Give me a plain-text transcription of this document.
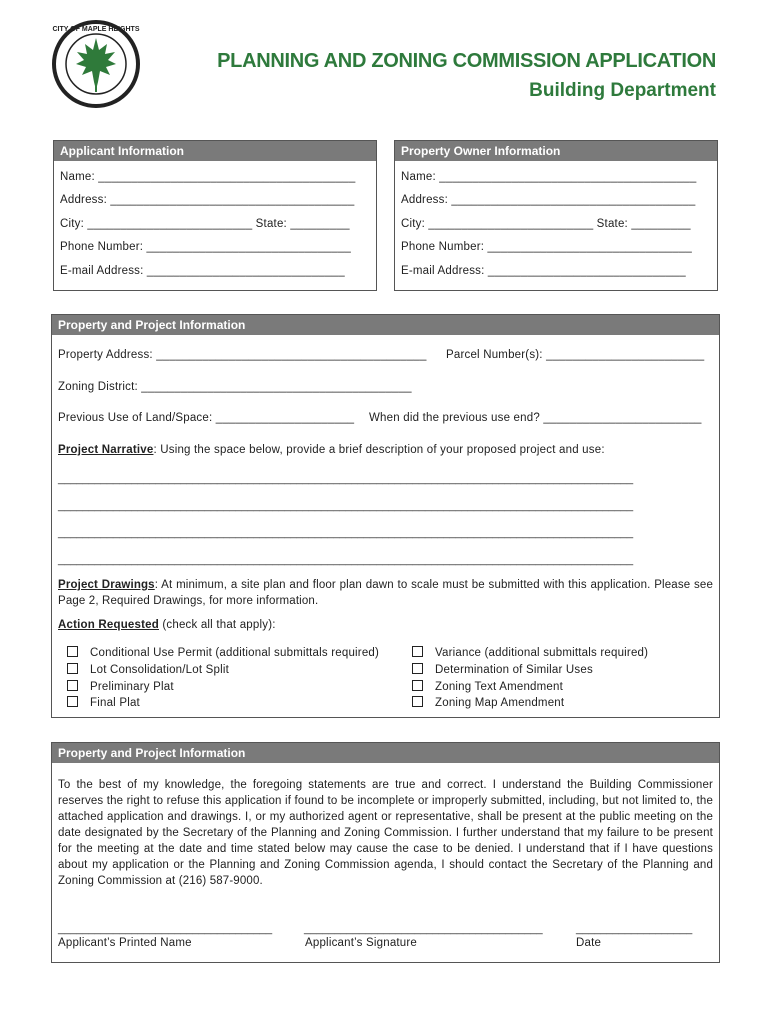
CITY OF MAPLE HEIGHTS
PLANNING AND ZONING COMMISSION APPLICATION
Building Department
Applicant Information
Name: _______________________________________
Address: _____________________________________
City: _________________________ State: _________
Phone Number: _______________________________
E-mail Address: ______________________________
Property Owner Information
Name: _______________________________________
Address: _____________________________________
City: _________________________ State: _________
Phone Number: _______________________________
E-mail Address: ______________________________
Property and Project Information
Property Address: _________________________________________ Parcel Number(s): ________________________
Zoning District: _________________________________________
Previous Use of Land/Space: _____________________ When did the previous use end? ________________________
Project Narrative: Using the space below, provide a brief description of your proposed project and use:
______________________________________________________________________________________________
______________________________________________________________________________________________
______________________________________________________________________________________________
______________________________________________________________________________________________
Project Drawings: At minimum, a site plan and floor plan dawn to scale must be submitted with this application. Please see Page 2, Required Drawings, for more information.
Action Requested (check all that apply):
Conditional Use Permit (additional submittals required)
Lot Consolidation/Lot Split
Preliminary Plat
Final Plat
Variance (additional submittals required)
Determination of Similar Uses
Zoning Text Amendment
Zoning Map Amendment
Property and Project Information
To the best of my knowledge, the foregoing statements are true and correct. I understand the Building Commissioner reserves the right to refuse this application if found to be incomplete or improperly submitted, including, but not limited to, the attached application and drawings. I, or my authorized agent or representative, shall be present at the public meeting on the date designated by the Secretary of the Planning and Zoning Commission. I further understand that my failure to be present for the meeting at the date and time stated below may cause the case to be denied. I understand that if I have questions about my application or the Planning and Zoning Commission agenda, I should contact the Secretary of the Planning and Zoning Commission at (216) 587-9000.
___________________________________	_______________________________________	___________________
Applicant’s Printed Name	Applicant’s Signature	Date
